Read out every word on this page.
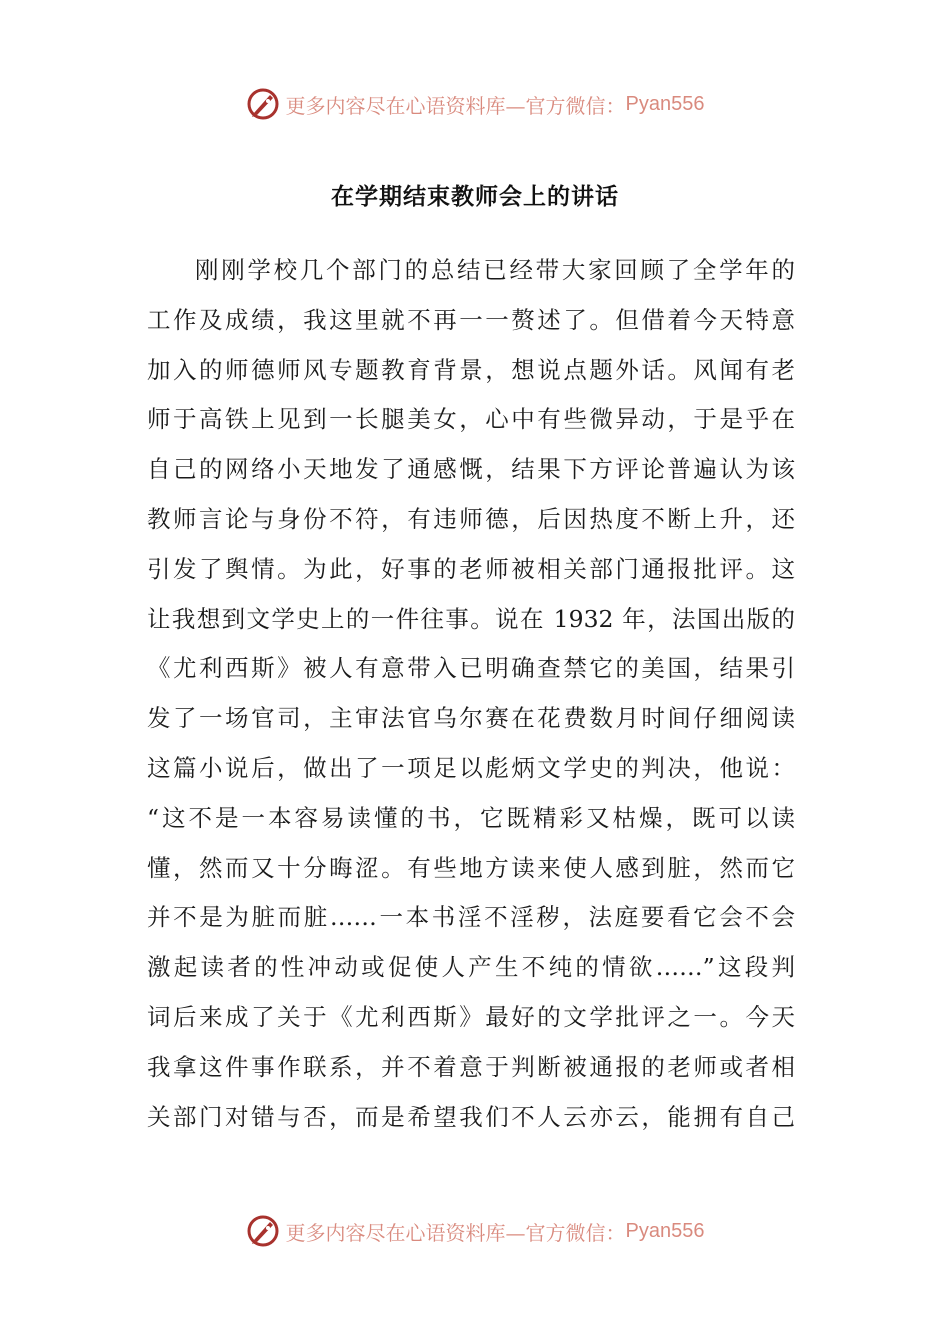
更多内容尽在心语资料库—官方微信： Pyan556
在学期结束教师会上的讲话
刚刚学校几个部门的总结已经带大家回顾了全学年的
工作及成绩，我这里就不再一一赘述了。但借着今天特意
加入的师德师风专题教育背景，想说点题外话。风闻有老
师于高铁上见到一长腿美女，心中有些微异动，于是乎在
自己的网络小天地发了通感慨，结果下方评论普遍认为该
教师言论与身份不符，有违师德，后因热度不断上升，还
引发了舆情。为此，好事的老师被相关部门通报批评。这
让我想到文学史上的一件往事。说在 1932 年，法国出版的
《尤利西斯》被人有意带入已明确查禁它的美国，结果引
发了一场官司，主审法官乌尔赛在花费数月时间仔细阅读
这篇小说后，做出了一项足以彪炳文学史的判决，他说：
“这不是一本容易读懂的书，它既精彩又枯燥，既可以读
懂，然而又十分晦涩。有些地方读来使人感到脏，然而它
并不是为脏而脏……一本书淫不淫秽，法庭要看它会不会
激起读者的性冲动或促使人产生不纯的情欲……”这段判
词后来成了关于《尤利西斯》最好的文学批评之一。今天
我拿这件事作联系，并不着意于判断被通报的老师或者相
关部门对错与否，而是希望我们不人云亦云，能拥有自己
更多内容尽在心语资料库—官方微信： Pyan556
